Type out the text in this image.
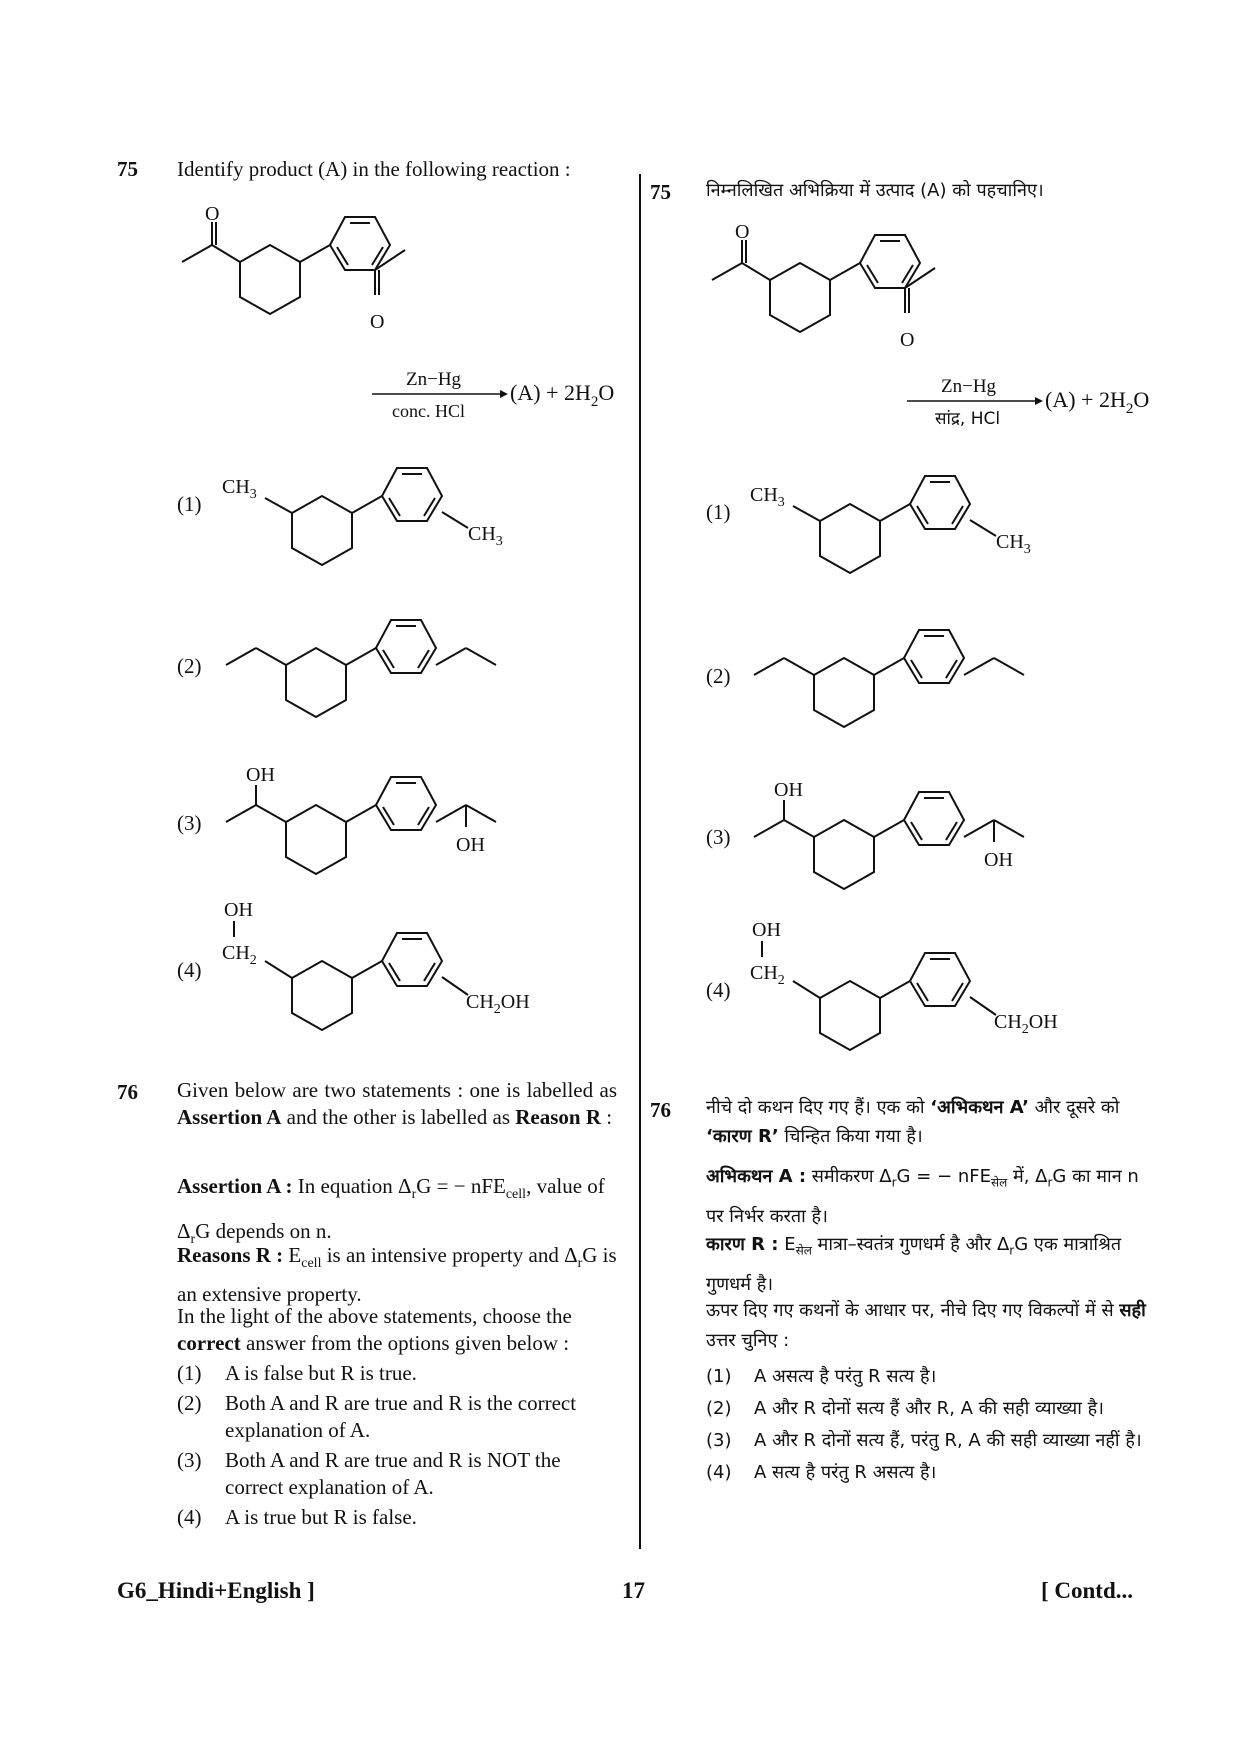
75 Identify product (A) in the following reaction :
O
O
Zn−Hg
conc. HCl
$(A) + 2H_2O$
(1)
$CH_3$
$CH_3$
(2)
(3)
OH
OH
(4)
OH
$CH_2$
$CH_2OH$
76 Given below are two statements : one is labelled as Assertion A and the other is labelled as Reason R :
Assertion A : In equation $\Delta_rG$ = − nFE$_{cell}$, value of $\Delta_rG$ depends on n.
Reasons R : $E_{cell}$ is an intensive property and $\Delta_rG$ is an extensive property.
In the light of the above statements, choose the correct answer from the options given below :
(1) A is false but R is true.
(2) Both A and R are true and R is the correct explanation of A.
(3) Both A and R are true and R is NOT the correct explanation of A.
(4) A is true but R is false.
75 निम्नलिखित अभिक्रिया में उत्पाद (A) को पहचानिए।
O
O
Zn−Hg
सांद्र, HCl
$(A) + 2H_2O$
(1)
$CH_3$
$CH_3$
(2)
(3)
OH
OH
(4)
OH
$CH_2$
$CH_2OH$
76 नीचे दो कथन दिए गए हैं। एक को ‘अभिकथन A’ और दूसरे को ‘कारण R’ चिन्हित किया गया है।
अभिकथन A : समीकरण $\Delta_rG$ = − nFE$_{सेल}$ में, $\Delta_rG$ का मान n पर निर्भर करता है।
कारण R : $E_{सेल}$ मात्रा–स्वतंत्र गुणधर्म है और $\Delta_rG$ एक मात्राश्रित गुणधर्म है।
ऊपर दिए गए कथनों के आधार पर, नीचे दिए गए विकल्पों में से सही उत्तर चुनिए :
(1) A असत्य है परंतु R सत्य है।
(2) A और R दोनों सत्य हैं और R, A की सही व्याख्या है।
(3) A और R दोनों सत्य हैं, परंतु R, A की सही व्याख्या नहीं है।
(4) A सत्य है परंतु R असत्य है।
G6_Hindi+English ]	17	[ Contd...
